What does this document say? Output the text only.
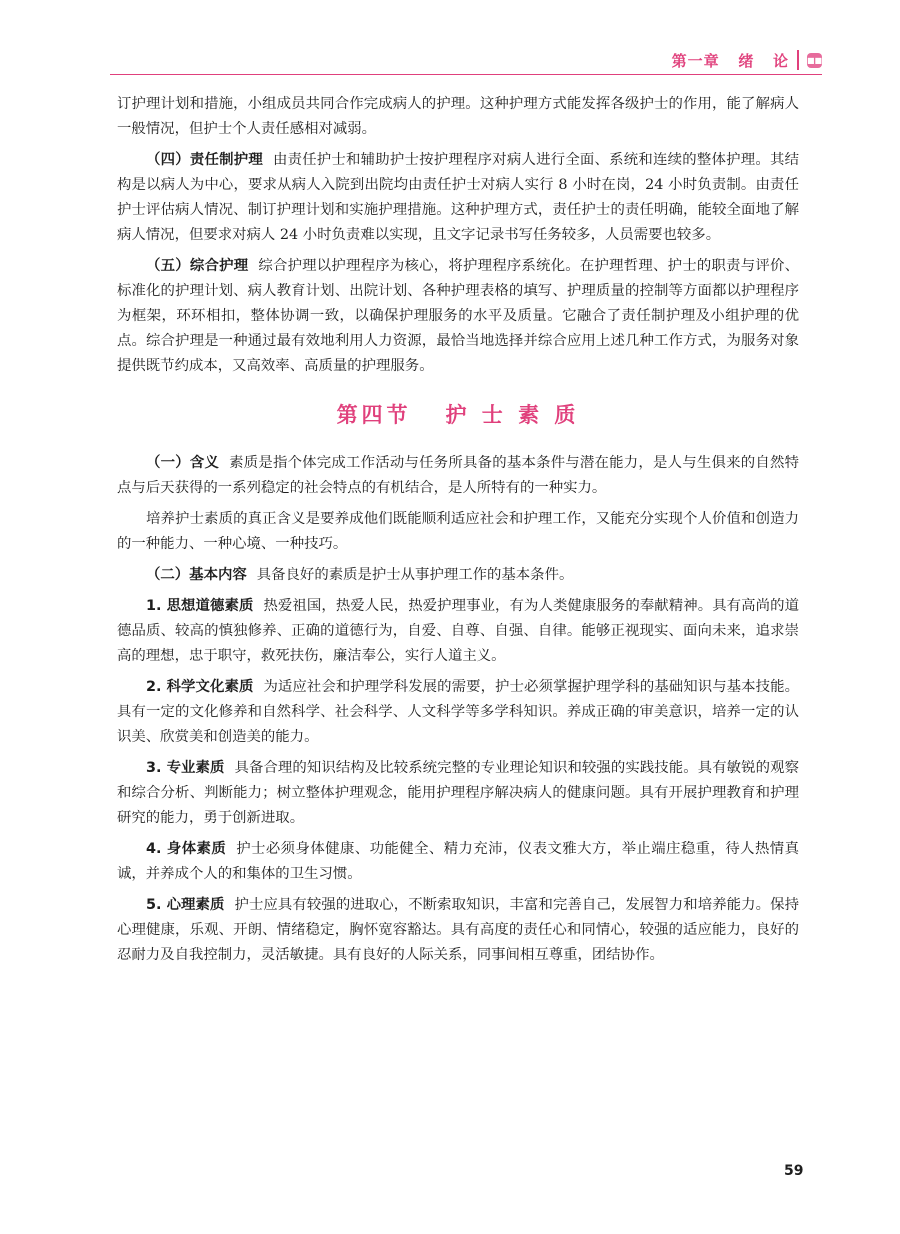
第一章   绪   论 ■■

订护理计划和措施，小组成员共同合作完成病人的护理。这种护理方式能发挥各级护士的作用，能了解病人一般情况，但护士个人责任感相对减弱。

（四）责任制护理 由责任护士和辅助护士按护理程序对病人进行全面、系统和连续的整体护理。其结构是以病人为中心，要求从病人入院到出院均由责任护士对病人实行 8 小时在岗，24 小时负责制。由责任护士评估病人情况、制订护理计划和实施护理措施。这种护理方式，责任护士的责任明确，能较全面地了解病人情况，但要求对病人 24 小时负责难以实现，且文字记录书写任务较多，人员需要也较多。

（五）综合护理 综合护理以护理程序为核心，将护理程序系统化。在护理哲理、护士的职责与评价、标准化的护理计划、病人教育计划、出院计划、各种护理表格的填写、护理质量的控制等方面都以护理程序为框架，环环相扣，整体协调一致，以确保护理服务的水平及质量。它融合了责任制护理及小组护理的优点。综合护理是一种通过最有效地利用人力资源，最恰当地选择并综合应用上述几种工作方式，为服务对象提供既节约成本，又高效率、高质量的护理服务。

第四节   护 士 素 质

（一）含义 素质是指个体完成工作活动与任务所具备的基本条件与潜在能力，是人与生俱来的自然特点与后天获得的一系列稳定的社会特点的有机结合，是人所特有的一种实力。

培养护士素质的真正含义是要养成他们既能顺利适应社会和护理工作，又能充分实现个人价值和创造力的一种能力、一种心境、一种技巧。

（二）基本内容 具备良好的素质是护士从事护理工作的基本条件。

1. 思想道德素质 热爱祖国，热爱人民，热爱护理事业，有为人类健康服务的奉献精神。具有高尚的道德品质、较高的慎独修养、正确的道德行为，自爱、自尊、自强、自律。能够正视现实、面向未来，追求崇高的理想，忠于职守，救死扶伤，廉洁奉公，实行人道主义。

2. 科学文化素质 为适应社会和护理学科发展的需要，护士必须掌握护理学科的基础知识与基本技能。具有一定的文化修养和自然科学、社会科学、人文科学等多学科知识。养成正确的审美意识，培养一定的认识美、欣赏美和创造美的能力。

3. 专业素质 具备合理的知识结构及比较系统完整的专业理论知识和较强的实践技能。具有敏锐的观察和综合分析、判断能力；树立整体护理观念，能用护理程序解决病人的健康问题。具有开展护理教育和护理研究的能力，勇于创新进取。

4. 身体素质 护士必须身体健康、功能健全、精力充沛，仪表文雅大方，举止端庄稳重，待人热情真诚，并养成个人的和集体的卫生习惯。

5. 心理素质 护士应具有较强的进取心，不断索取知识，丰富和完善自己，发展智力和培养能力。保持心理健康，乐观、开朗、情绪稳定，胸怀宽容豁达。具有高度的责任心和同情心，较强的适应能力，良好的忍耐力及自我控制力，灵活敏捷。具有良好的人际关系，同事间相互尊重，团结协作。

59
